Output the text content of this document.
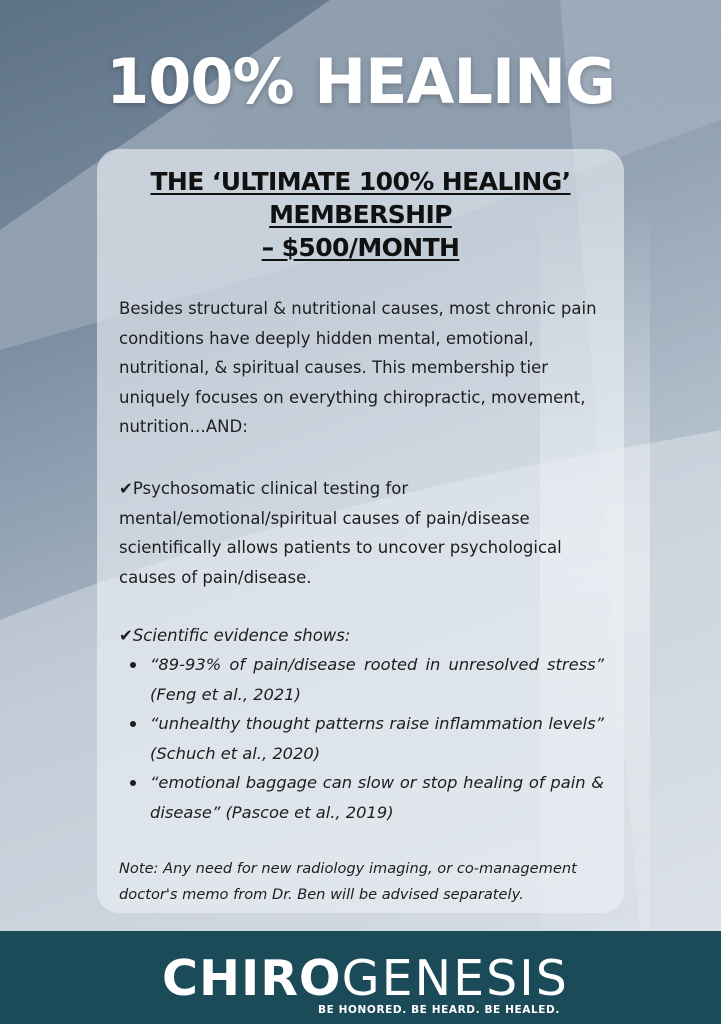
100% HEALING
THE ‘ULTIMATE 100% HEALING’
MEMBERSHIP
– $500/MONTH
Besides structural & nutritional causes, most chronic pain conditions have deeply hidden mental, emotional, nutritional, & spiritual causes. This membership tier uniquely focuses on everything chiropractic, movement, nutrition…AND:
✔Psychosomatic clinical testing for mental/emotional/spiritual causes of pain/disease scientifically allows patients to uncover psychological causes of pain/disease.
✔Scientific evidence shows:
“89-93% of pain/disease rooted in unresolved stress” (Feng et al., 2021)
“unhealthy thought patterns raise inflammation levels” (Schuch et al., 2020)
“emotional baggage can slow or stop healing of pain & disease” (Pascoe et al., 2019)
Note: Any need for new radiology imaging, or co-management doctor's memo from Dr. Ben will be advised separately.
CHIROGENESIS
BE HONORED. BE HEARD. BE HEALED.
